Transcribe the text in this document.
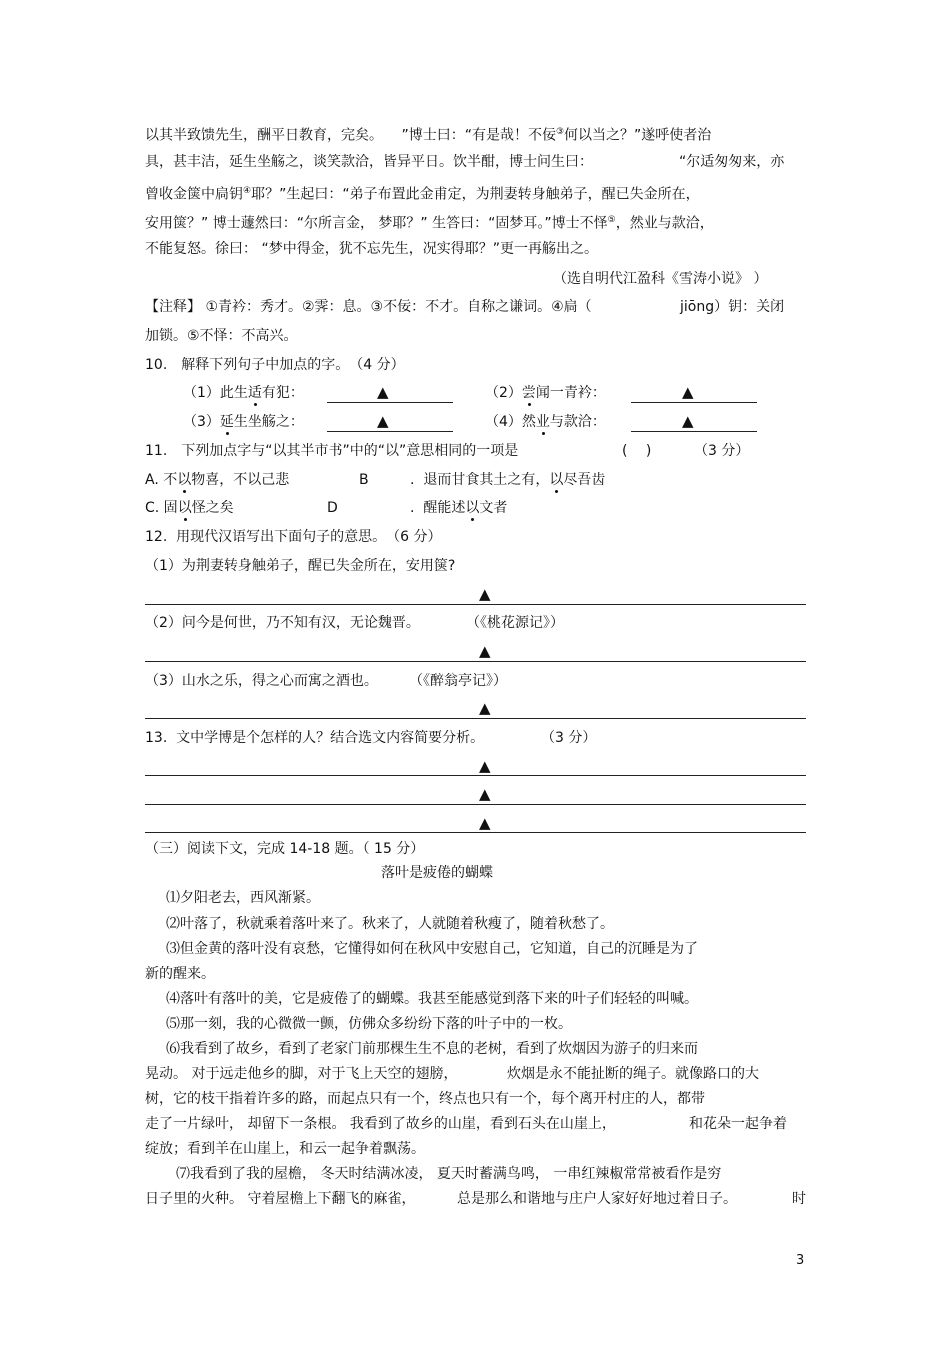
以其半致馈先生，酬平日教育，完矣。 　”博士曰：“有是哉！不佞③何以当之？”遂呼使者治
具，甚丰洁，延生坐觞之，谈笑款洽，皆异平日。饮半酣，博士问生曰：	“尔适匆匆来，亦
曾收金箧中扃钥④耶？”生起曰：“弟子布置此金甫定，为荆妻转身触弟子，醒已失金所在，
安用箧？” 博士蘧然曰：“尔所言金， 梦耶？” 生答曰：“固梦耳。”博士不怿⑤，然业与款洽，
不能复怒。徐曰： “梦中得金，犹不忘先生，况实得耶？”更一再觞出之。
（选自明代江盈科《雪涛小说》 ）
【注释】 ①青衿：秀才。②霁：息。③不佞：不才。自称之谦词。④扃（	jiōng）钥：关闭
加锁。⑤不怿：不高兴。
10.　解释下列句子中加点的字。　（4 分）
（1）此生适有犯：	▲	（2）尝闻一青衿：	▲
（3）延生坐觞之：	▲	（4）然业与款洽：	▲
11.　下列加点字与“以其半市书”中的“以”意思相同的一项是	(　 )	（3 分）
A. 不以物喜，不以己悲	B	.  退而甘食其土之有，以尽吾齿
C. 固以怪之矣	D	.  醒能述以文者
12.  用现代汉语写出下面句子的意思。　（6 分）
（1）为荆妻转身触弟子，醒已失金所在，安用箧?
▲
（2）问今是何世，乃不知有汉，无论魏晋。	（《桃花源记》）
▲
（3）山水之乐，得之心而寓之酒也。 （《醉翁亭记》）
▲
13.  文中学博是个怎样的人？结合选文内容简要分析。	（3 分）
▲
▲
▲
（三）阅读下文，完成 14-18 题。（ 15 分）
落叶是疲倦的蝴蝶
⑴夕阳老去，西风渐紧。
⑵叶落了，秋就乘着落叶来了。秋来了，人就随着秋瘦了，随着秋愁了。
⑶但金黄的落叶没有哀愁，它懂得如何在秋风中安慰自己，它知道，自己的沉睡是为了
新的醒来。
⑷落叶有落叶的美，它是疲倦了的蝴蝶。我甚至能感觉到落下来的叶子们轻轻的叫喊。
⑸那一刻，我的心微微一颤，仿佛众多纷纷下落的叶子中的一枚。
⑹我看到了故乡，看到了老家门前那棵生生不息的老树，看到了炊烟因为游子的归来而
晃动。 对于远走他乡的脚，对于飞上天空的翅膀，	炊烟是永不能扯断的绳子。就像路口的大
树，它的枝干指着许多的路，而起点只有一个，终点也只有一个，每个离开村庄的人，都带
走了一片绿叶， 却留下一条根。 我看到了故乡的山崖，看到石头在山崖上，	和花朵一起争着
绽放；看到羊在山崖上，和云一起争着飘荡。
⑺我看到了我的屋檐， 冬天时结满冰凌， 夏天时蓄满鸟鸣， 一串红辣椒常常被看作是穷
日子里的火种。 守着屋檐上下翻飞的麻雀，	总是那么和谐地与庄户人家好好地过着日子。	时
3
